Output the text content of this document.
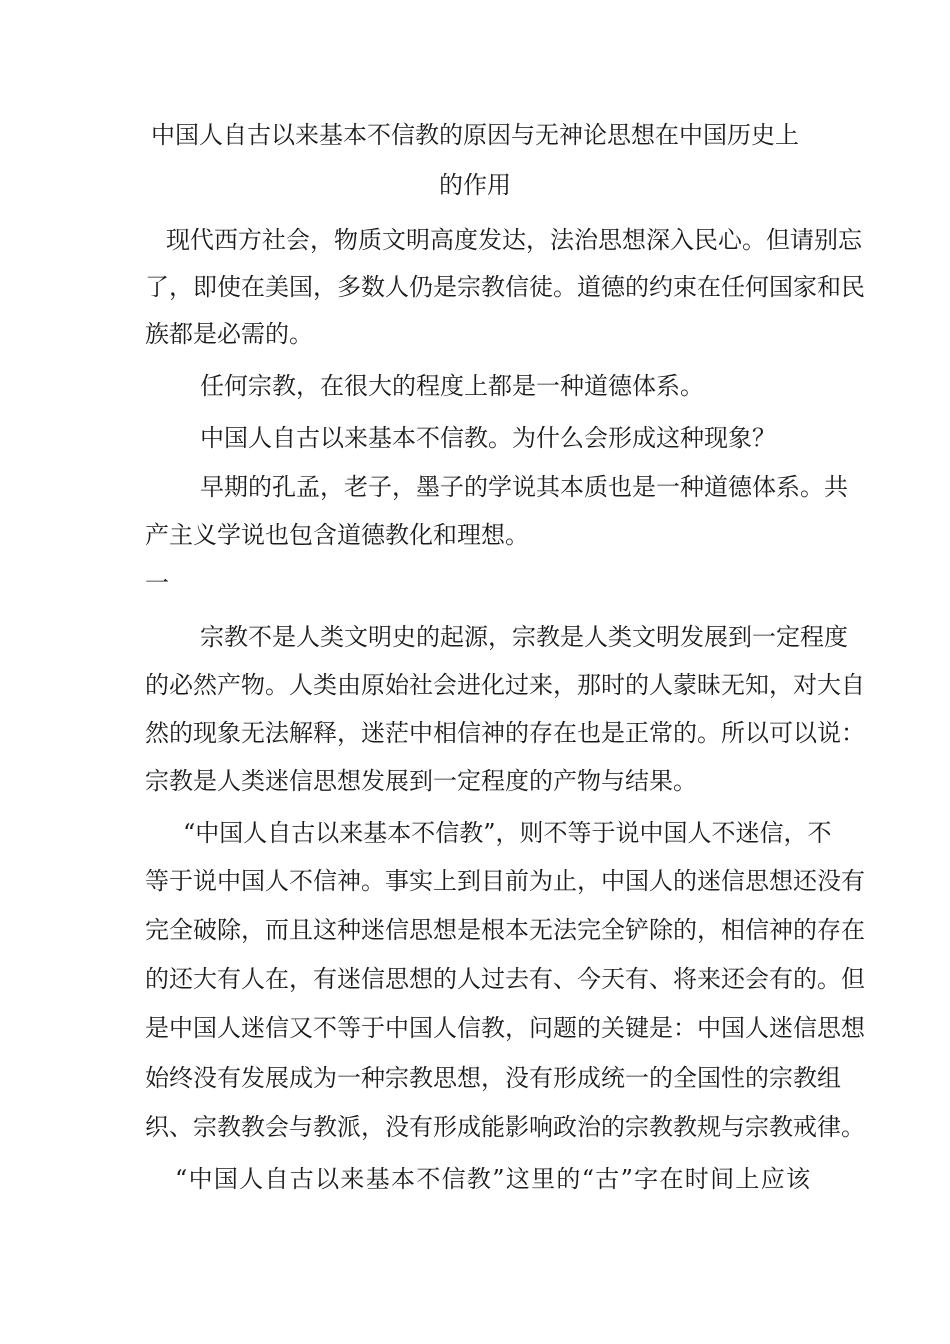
中国人自古以来基本不信教的原因与无神论思想在中国历史上
的作用
现代西方社会，物质文明高度发达，法治思想深入民心。但请别忘
了，即使在美国，多数人仍是宗教信徒。道德的约束在任何国家和民
族都是必需的。
任何宗教，在很大的程度上都是一种道德体系。
中国人自古以来基本不信教。为什么会形成这种现象？
早期的孔孟，老子，墨子的学说其本质也是一种道德体系。共
产主义学说也包含道德教化和理想。
一
宗教不是人类文明史的起源，宗教是人类文明发展到一定程度
的必然产物。人类由原始社会进化过来，那时的人蒙昧无知，对大自
然的现象无法解释，迷茫中相信神的存在也是正常的。所以可以说：
宗教是人类迷信思想发展到一定程度的产物与结果。
“中国人自古以来基本不信教”，则不等于说中国人不迷信，不
等于说中国人不信神。事实上到目前为止，中国人的迷信思想还没有
完全破除，而且这种迷信思想是根本无法完全铲除的，相信神的存在
的还大有人在，有迷信思想的人过去有、今天有、将来还会有的。但
是中国人迷信又不等于中国人信教，问题的关键是：中国人迷信思想
始终没有发展成为一种宗教思想，没有形成统一的全国性的宗教组
织、宗教教会与教派，没有形成能影响政治的宗教教规与宗教戒律。
“中国人自古以来基本不信教”这里的“古”字在时间上应该
